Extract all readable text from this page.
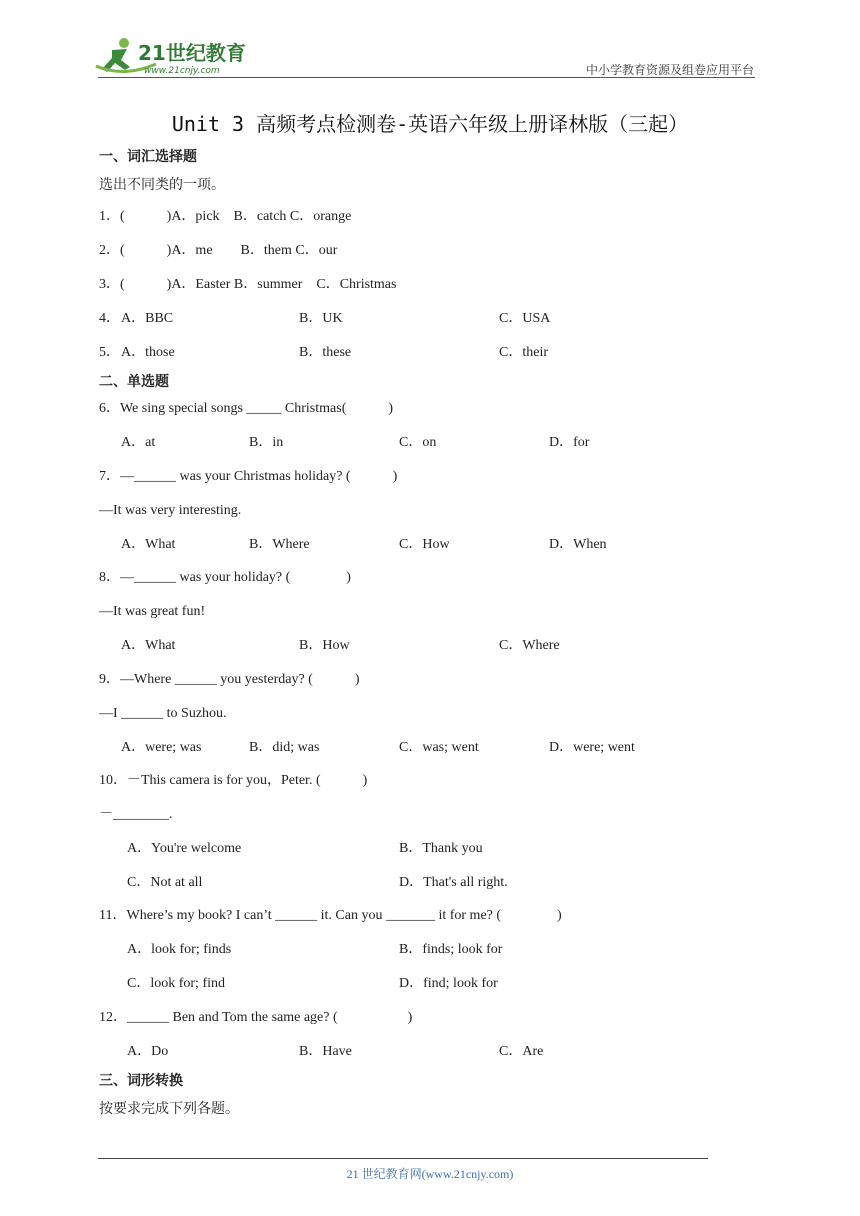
21世纪教育
www.21cnjy.com	中小学教育资源及组卷应用平台
Unit 3 高频考点检测卷-英语六年级上册译林版（三起）
一、词汇选择题
选出不同类的一项。
1．(　　　)A．pick　B．catch C．orange
2．(　　　)A．me　　B．them C．our
3．(　　　)A．Easter B．summer　C．Christmas
4． A．BBC	B．UK	C．USA
5． A．those	B．these	C．their
二、单选题
6．We sing special songs _____ Christmas(　　　)
A．at	B．in	C．on	D．for
7．—______ was your Christmas holiday? (　　　)
—It was very interesting.
A．What	B．Where	C．How	D．When
8．—______ was your holiday? (　　　　)
—It was great fun!
A．What	B．How	C．Where
9．—Where ______ you yesterday? (　　　)
—I ______ to Suzhou.
A．were; was	B．did; was	C．was; went	D．were; went
10．－This camera is for you，Peter. (　　　)
－________.
A．You're welcome	B．Thank you
C．Not at all	D．That's all right.
11．Where’s my book? I can’t ______ it. Can you _______ it for me? (　　　　)
A．look for; finds	B．finds; look for
C．look for; find	D．find; look for
12．______ Ben and Tom the same age? (　　　　　)
A．Do	B．Have	C．Are
三、词形转换
按要求完成下列各题。
21 世纪教育网(www.21cnjy.com)
